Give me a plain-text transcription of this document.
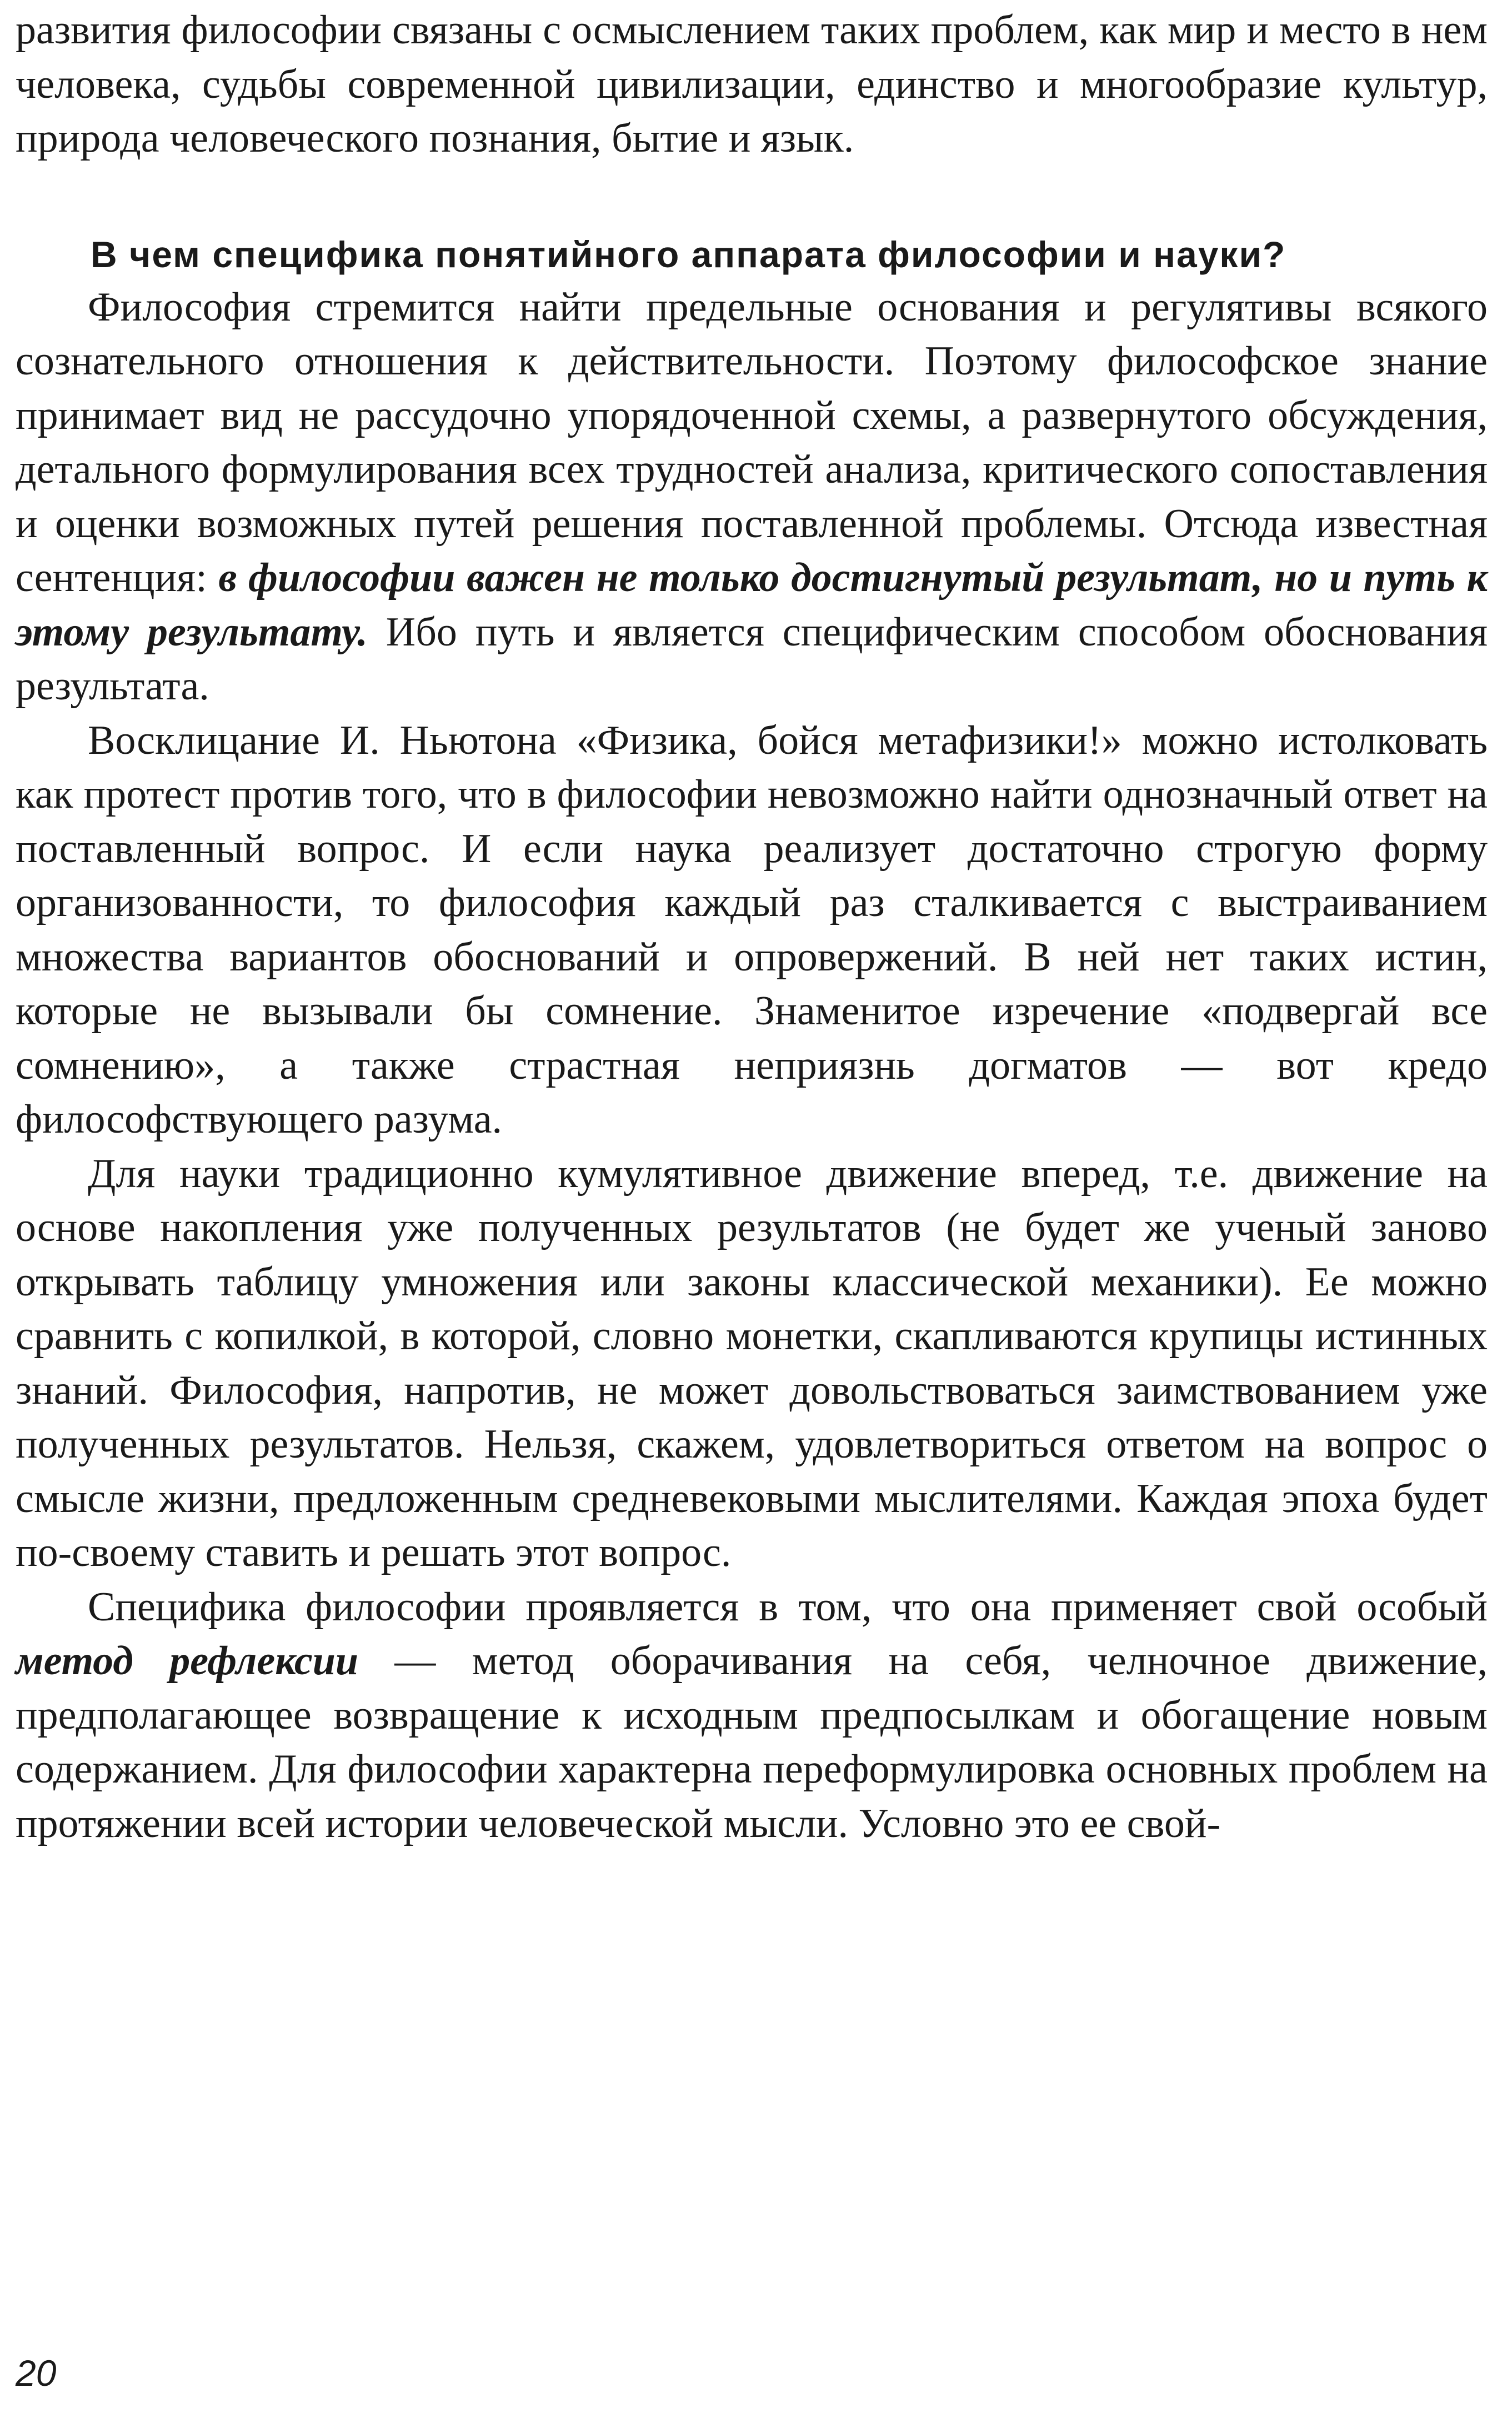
развития философии связаны с осмыслением таких проблем, как мир и место в нем человека, судьбы современной цивилизации, единство и многообразие культур, природа человеческого познания, бытие и язык.

В чем специфика понятийного аппарата философии и науки?

Философия стремится найти предельные основания и регулятивы всякого сознательного отношения к действительности. Поэтому философское знание принимает вид не рассудочно упорядоченной схемы, а развернутого обсуждения, детального формулирования всех трудностей анализа, критического сопоставления и оценки возможных путей решения поставленной проблемы. Отсюда известная сентенция: в философии важен не только достигнутый результат, но и путь к этому результату. Ибо путь и является специфическим способом обоснования результата.

Восклицание И. Ньютона «Физика, бойся метафизики!» можно истолковать как протест против того, что в философии невозможно найти однозначный ответ на поставленный вопрос. И если наука реализует достаточно строгую форму организованности, то философия каждый раз сталкивается с выстраиванием множества вариантов обоснований и опровержений. В ней нет таких истин, которые не вызывали бы сомнение. Знаменитое изречение «подвергай все сомнению», а также страстная неприязнь догматов — вот кредо философствующего разума.

Для науки традиционно кумулятивное движение вперед, т.е. движение на основе накопления уже полученных результатов (не будет же ученый заново открывать таблицу умножения или законы классической механики). Ее можно сравнить с копилкой, в которой, словно монетки, скапливаются крупицы истинных знаний. Философия, напротив, не может довольствоваться заимствованием уже полученных результатов. Нельзя, скажем, удовлетвориться ответом на вопрос о смысле жизни, предложенным средневековыми мыслителями. Каждая эпоха будет по-своему ставить и решать этот вопрос.

Специфика философии проявляется в том, что она применяет свой особый метод рефлексии — метод оборачивания на себя, челночное движение, предполагающее возвращение к исходным предпосылкам и обогащение новым содержанием. Для философии характерна переформулировка основных проблем на протяжении всей истории человеческой мысли. Условно это ее свой-

20
